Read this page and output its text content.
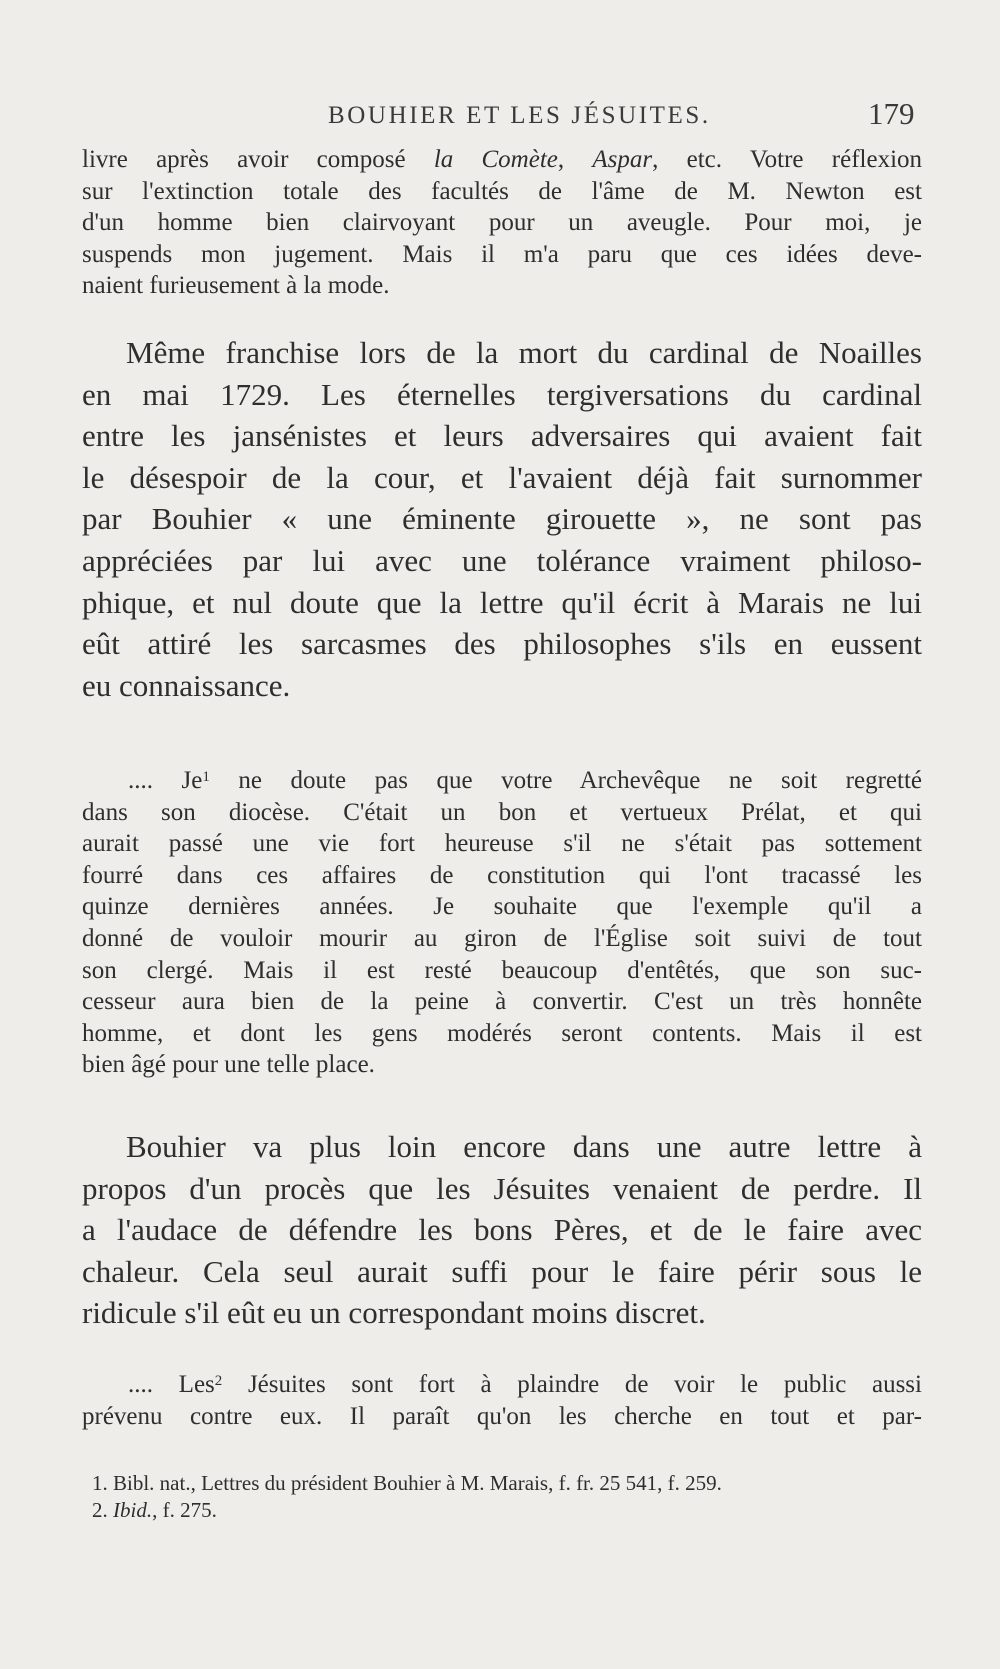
BOUHIER ET LES JÉSUITES.	179
livre après avoir composé la Comète, Aspar, etc. Votre réflexion
sur l'extinction totale des facultés de l'âme de M. Newton est
d'un homme bien clairvoyant pour un aveugle. Pour moi, je
suspends mon jugement. Mais il m'a paru que ces idées deve-
naient furieusement à la mode.
Même franchise lors de la mort du cardinal de Noailles
en mai 1729. Les éternelles tergiversations du cardinal
entre les jansénistes et leurs adversaires qui avaient fait
le désespoir de la cour, et l'avaient déjà fait surnommer
par Bouhier « une éminente girouette », ne sont pas
appréciées par lui avec une tolérance vraiment philoso-
phique, et nul doute que la lettre qu'il écrit à Marais ne lui
eût attiré les sarcasmes des philosophes s'ils en eussent
eu connaissance.
.... Je$^1$ ne doute pas que votre Archevêque ne soit regretté
dans son diocèse. C'était un bon et vertueux Prélat, et qui
aurait passé une vie fort heureuse s'il ne s'était pas sottement
fourré dans ces affaires de constitution qui l'ont tracassé les
quinze dernières années. Je souhaite que l'exemple qu'il a
donné de vouloir mourir au giron de l'Église soit suivi de tout
son clergé. Mais il est resté beaucoup d'entêtés, que son suc-
cesseur aura bien de la peine à convertir. C'est un très honnête
homme, et dont les gens modérés seront contents. Mais il est
bien âgé pour une telle place.
Bouhier va plus loin encore dans une autre lettre à
propos d'un procès que les Jésuites venaient de perdre. Il
a l'audace de défendre les bons Pères, et de le faire avec
chaleur. Cela seul aurait suffi pour le faire périr sous le
ridicule s'il eût eu un correspondant moins discret.
.... Les$^2$ Jésuites sont fort à plaindre de voir le public aussi
prévenu contre eux. Il paraît qu'on les cherche en tout et par-
1. Bibl. nat., Lettres du président Bouhier à M. Marais, f. fr. 25 541, f. 259.
2. Ibid., f. 275.
